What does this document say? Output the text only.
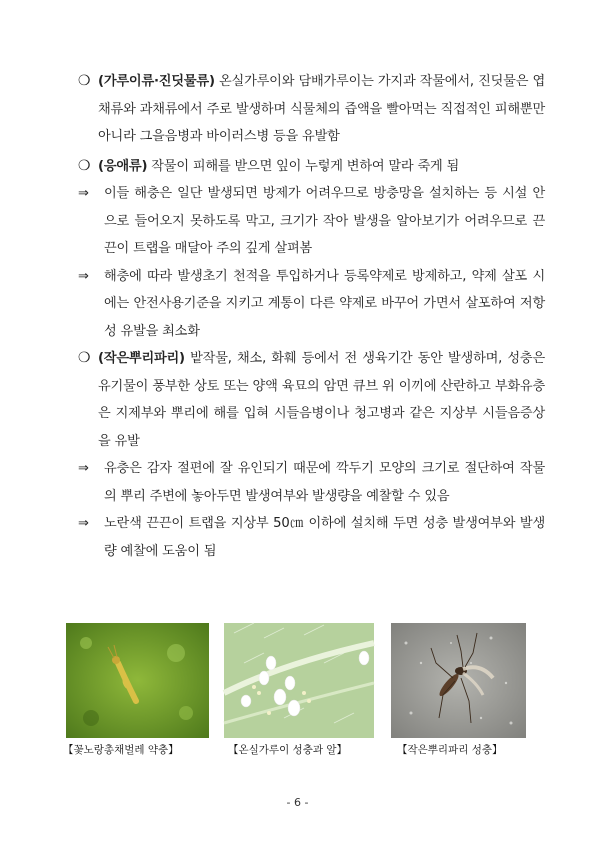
❍ (가루이류·진딧물류) 온실가루이와 담배가루이는 가지과 작물에서, 진딧물은 엽채류와 과채류에서 주로 발생하며 식물체의 즙액을 빨아먹는 직접적인 피해뿐만 아니라 그을음병과 바이러스병 등을 유발함
❍ (응애류) 작물이 피해를 받으면 잎이 누렇게 변하여 말라 죽게 됨
⇒ 이들 해충은 일단 발생되면 방제가 어려우므로 방충망을 설치하는 등 시설 안으로 들어오지 못하도록 막고, 크기가 작아 발생을 알아보기가 어려우므로 끈끈이 트랩을 매달아 주의 깊게 살펴봄
⇒ 해충에 따라 발생초기 천적을 투입하거나 등록약제로 방제하고, 약제 살포 시에는 안전사용기준을 지키고 계통이 다른 약제로 바꾸어 가면서 살포하여 저항성 유발을 최소화
❍ (작은뿌리파리) 밭작물, 채소, 화훼 등에서 전 생육기간 동안 발생하며, 성충은 유기물이 풍부한 상토 또는 양액 육묘의 암면 큐브 위 이끼에 산란하고 부화유충은 지제부와 뿌리에 해를 입혀 시들음병이나 청고병과 같은 지상부 시들음증상을 유발
⇒ 유충은 감자 절편에 잘 유인되기 때문에 깍두기 모양의 크기로 절단하여 작물의 뿌리 주변에 놓아두면 발생여부와 발생량을 예찰할 수 있음
⇒ 노란색 끈끈이 트랩을 지상부 50㎝ 이하에 설치해 두면 성충 발생여부와 발생량 예찰에 도움이 됨
【꽃노랑총채벌레 약충】	【온실가루이 성충과 알】	【작은뿌리파리 성충】
- 6 -
